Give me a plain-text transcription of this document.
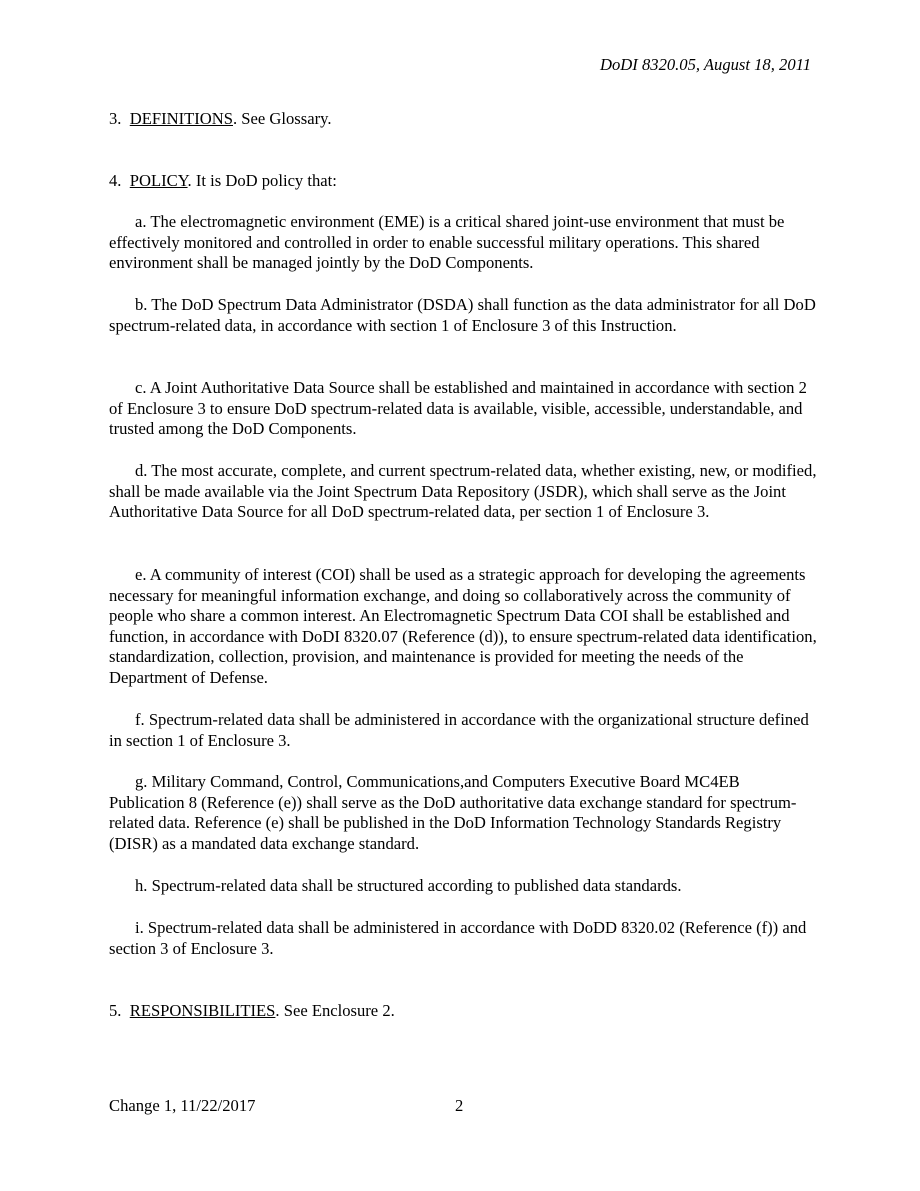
DoDI 8320.05, August 18, 2011

3. DEFINITIONS. See Glossary.

4. POLICY. It is DoD policy that:

a. The electromagnetic environment (EME) is a critical shared joint-use environment that must be effectively monitored and controlled in order to enable successful military operations. This shared environment shall be managed jointly by the DoD Components.

b. The DoD Spectrum Data Administrator (DSDA) shall function as the data administrator for all DoD spectrum-related data, in accordance with section 1 of Enclosure 3 of this Instruction.

c. A Joint Authoritative Data Source shall be established and maintained in accordance with section 2 of Enclosure 3 to ensure DoD spectrum-related data is available, visible, accessible, understandable, and trusted among the DoD Components.

d. The most accurate, complete, and current spectrum-related data, whether existing, new, or modified, shall be made available via the Joint Spectrum Data Repository (JSDR), which shall serve as the Joint Authoritative Data Source for all DoD spectrum-related data, per section 1 of Enclosure 3.

e. A community of interest (COI) shall be used as a strategic approach for developing the agreements necessary for meaningful information exchange, and doing so collaboratively across the community of people who share a common interest. An Electromagnetic Spectrum Data COI shall be established and function, in accordance with DoDI 8320.07 (Reference (d)), to ensure spectrum-related data identification, standardization, collection, provision, and maintenance is provided for meeting the needs of the Department of Defense.

f. Spectrum-related data shall be administered in accordance with the organizational structure defined in section 1 of Enclosure 3.

g. Military Command, Control, Communications,and Computers Executive Board MC4EB Publication 8 (Reference (e)) shall serve as the DoD authoritative data exchange standard for spectrum-related data. Reference (e) shall be published in the DoD Information Technology Standards Registry (DISR) as a mandated data exchange standard.

h. Spectrum-related data shall be structured according to published data standards.

i. Spectrum-related data shall be administered in accordance with DoDD 8320.02 (Reference (f)) and section 3 of Enclosure 3.

5. RESPONSIBILITIES. See Enclosure 2.

Change 1, 11/22/2017	2
